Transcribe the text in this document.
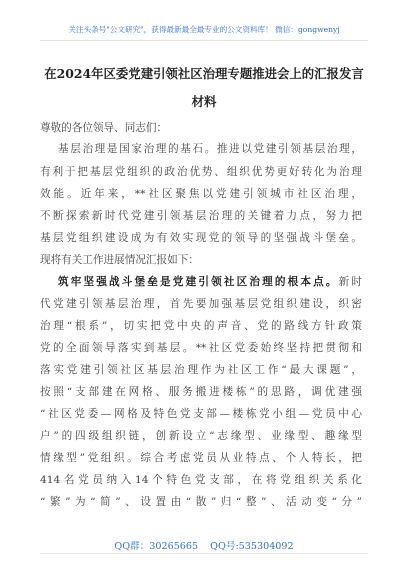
关注头条号"公文研究"，获得最新最全最专业的公文资料库！ 微信：gongwenyj
在2024年区委党建引领社区治理专题推进会上的汇报发言
材料
尊敬的各位领导、同志们：
基层治理是国家治理的基石。推进以党建引领基层治理，
有利于把基层党组织的政治优势、组织优势更好转化为治理
效能。近年来，**社区聚焦以党建引领城市社区治理，
不断探索新时代党建引领基层治理的关键着力点，努力把
基层党组织建设成为有效实现党的领导的坚强战斗堡垒。
现将有关工作进展情况汇报如下：
筑牢坚强战斗堡垒是党建引领社区治理的根本点。新时
代党建引领基层治理，首先要加强基层党组织建设，织密
治理“根系”，切实把党中央的声音、党的路线方针政策
党的全面领导落实到基层。**社区党委始终坚持把贯彻和
落实党建引领社区基层治理作为社区工作“最大课题”，
按照“支部建在网格、服务搬进楼栋”的思路，调优建强
“社区党委—网格及特色党支部—楼栋党小组—党员中心
户”的四级组织链，创新设立“志缘型、业缘型、趣缘型
情缘型”党组织。综合考虑党员从业特点、个人特长，把
414名党员纳入14个特色党支部，在将党组织关系化
“繁”为“简”、设置由“散”归“整”、活动变“分”
QQ群：30265665 QQ号:535304092
